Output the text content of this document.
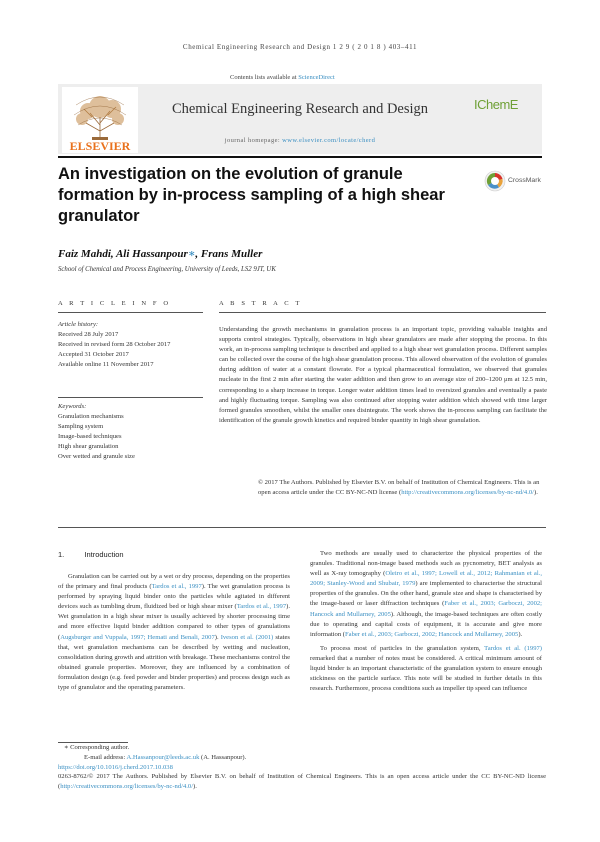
Chemical Engineering Research and Design 1 2 9 ( 2 0 1 8 ) 403–411
Contents lists available at ScienceDirect
ELSEVIER
Chemical Engineering Research and Design
journal homepage: www.elsevier.com/locate/cherd
IChemE
An investigation on the evolution of granule formation by in-process sampling of a high shear granulator
CrossMark
Faiz Mahdi, Ali Hassanpour∗, Frans Muller
School of Chemical and Process Engineering, University of Leeds, LS2 9JT, UK
A R T I C L E I N F O
Article history:
Received 28 July 2017
Received in revised form 28 October 2017
Accepted 31 October 2017
Available online 11 November 2017
Keywords:
Granulation mechanisms
Sampling system
Image-based techniques
High shear granulation
Over wetted and granule size
A B S T R A C T
Understanding the growth mechanisms in granulation process is an important topic, providing valuable insights and supports control strategies. Typically, observations in high shear granulators are made after stopping the process. In this work, an in-process sampling technique is described and applied to a high shear wet granulation process. Different samples can be collected over the course of the high shear granulation process. This allowed observation of the evolution of granules during addition of water at a constant flowrate. For a typical pharmaceutical formulation, we observed that granules nucleate in the first 2 min after starting the water addition and then grow to an average size of 200–1200 μm at 12.5 min, corresponding to a sharp increase in torque. Longer water addition times lead to oversized granules and eventually a paste and highly fluctuating torque. Sampling was also continued after stopping water addition which showed with time larger formed granules smoothen, whilst the smaller ones disintegrate. The work shows the in-process sampling can facilitate the identification of the granule growth kinetics and required binder quantity in high shear granulation.
© 2017 The Authors. Published by Elsevier B.V. on behalf of Institution of Chemical Engineers. This is an open access article under the CC BY-NC-ND license (http://creativecommons.org/licenses/by-nc-nd/4.0/).
1.	Introduction

Granulation can be carried out by a wet or dry process, depending on the properties of the primary and final products (Tardos et al., 1997). The wet granulation process is performed by spraying liquid binder onto the particles while agitated in different devices such as tumbling drum, fluidized bed or high shear mixer (Tardos et al., 1997). Wet granulation in a high shear mixer is usually achieved by shorter processing time and more effective liquid binder addition compared to other types of granulations (Augsburger and Vuppala, 1997; Hemati and Benali, 2007). Iveson et al. (2001) states that, wet granulation mechanisms can be described by wetting and nucleation, consolidation during growth and attrition with breakage. These mechanisms control the obtained granule properties. Moreover, they are influenced by a combination of formulation design (e.g. feed powder and binder properties) and process design such as type of granulator and the operating parameters.

Two methods are usually used to characterize the physical properties of the granules. Traditional non-image based methods such as pycnometry, BET analysis as well as X-ray tomography (Oleiro et al., 1997; Lowell et al., 2012; Rahmanian et al., 2009; Stanley-Wood and Shubair, 1979) are implemented to characterise the structural properties of the granules. On the other hand, granule size and shape is characterised by the image-based or laser diffraction techniques (Faber et al., 2003; Garboczi, 2002; Hancock and Mullarney, 2005). Although, the image-based techniques are often costly due to operating and capital costs of equipment, it is accurate and give more information (Faber et al., 2003; Garboczi, 2002; Hancock and Mullarney, 2005).

To process most of particles in the granulation system, Tardos et al. (1997) remarked that a number of notes must be considered. A critical minimum amount of liquid binder is an important characteristic of the granulation system to ensure enough stickiness on the particle surface. This note will be studied in further details in this research. Furthermore, process conditions such as impeller tip speed can influence

∗ Corresponding author.
E-mail address: A.Hassanpour@leeds.ac.uk (A. Hassanpour).
https://doi.org/10.1016/j.cherd.2017.10.038
0263-8762/© 2017 The Authors. Published by Elsevier B.V. on behalf of Institution of Chemical Engineers. This is an open access article under the CC BY-NC-ND license (http://creativecommons.org/licenses/by-nc-nd/4.0/).
